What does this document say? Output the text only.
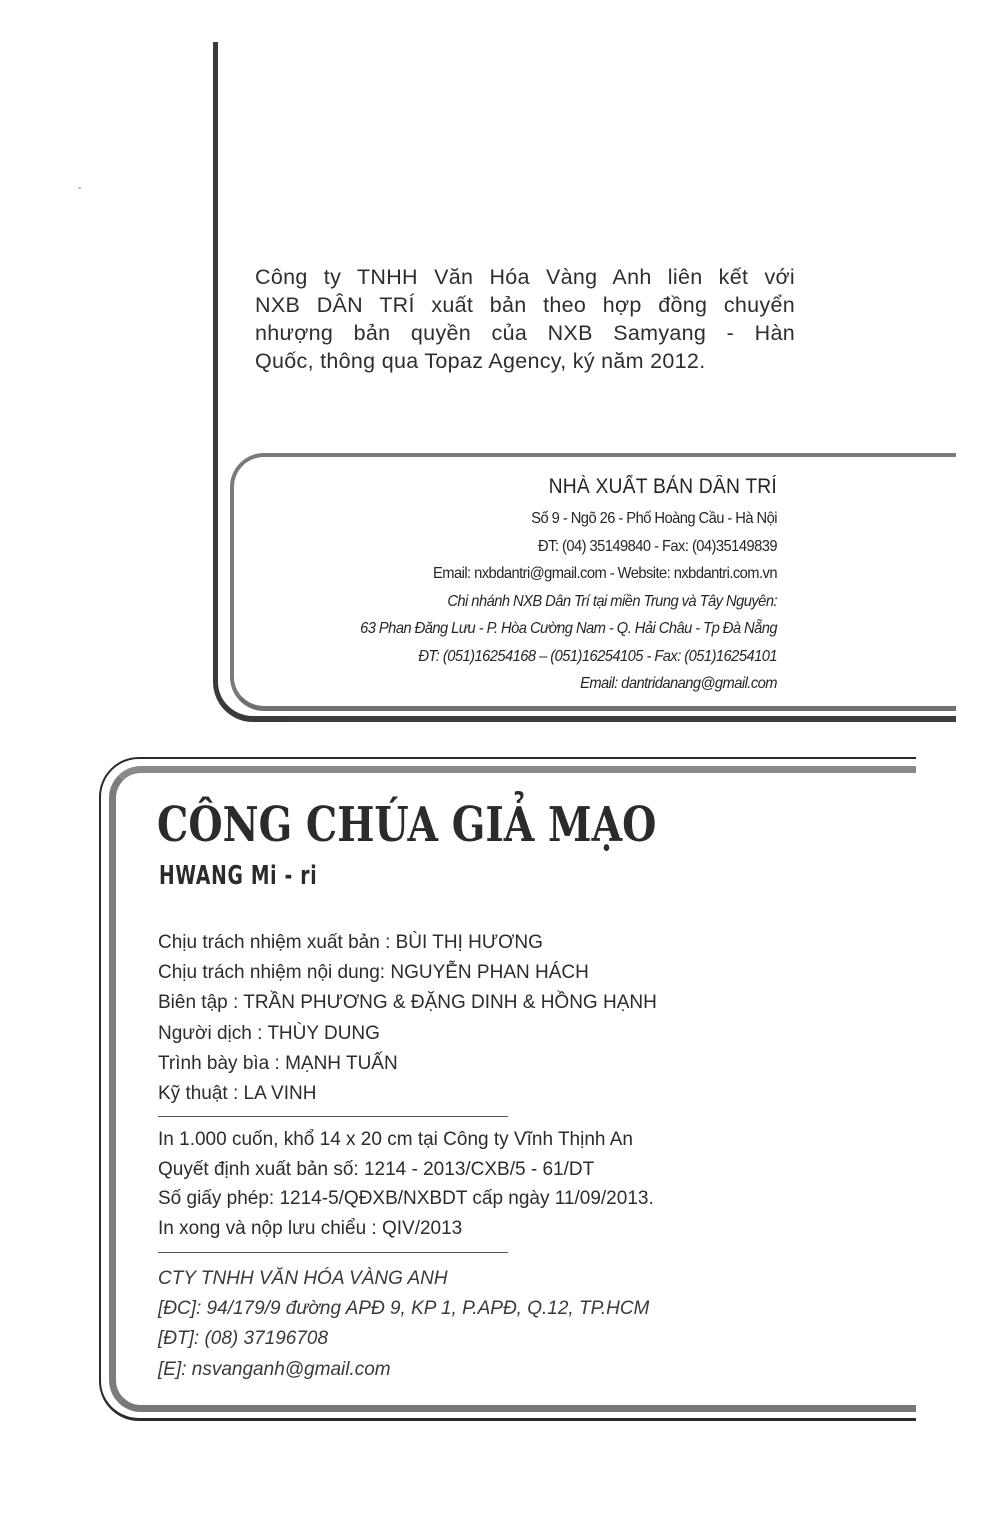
Công ty TNHH Văn Hóa Vàng Anh liên kết với
NXB DÂN TRÍ xuất bản theo hợp đồng chuyển
nhượng bản quyền của NXB Samyang - Hàn
Quốc, thông qua Topaz Agency, ký năm 2012.
NHÀ XUẤT BẢN DÂN TRÍ
Số 9 - Ngõ 26 - Phố Hoàng Cầu - Hà Nội
ĐT: (04) 35149840 - Fax: (04)35149839
Email: nxbdantri@gmail.com - Website: nxbdantri.com.vn
Chi nhánh NXB Dân Trí tại miền Trung và Tây Nguyên:
63 Phan Đăng Lưu - P. Hòa Cường Nam - Q. Hải Châu - Tp Đà Nẵng
ĐT: (051)16254168 – (051)16254105 - Fax: (051)16254101
Email: dantridanang@gmail.com
CÔNG CHÚA GIẢ MẠO
HWANG Mi - ri
Chịu trách nhiệm xuất bản : BÙI THỊ HƯƠNG
Chịu trách nhiệm nội dung: NGUYỄN PHAN HÁCH
Biên tập : TRẦN PHƯƠNG & ĐẶNG DINH & HỒNG HẠNH
Người dịch : THÙY DUNG
Trình bày bìa : MẠNH TUẤN
Kỹ thuật : LA VINH
In 1.000 cuốn, khổ 14 x 20 cm tại Công ty Vĩnh Thịnh An
Quyết định xuất bản số: 1214 - 2013/CXB/5 - 61/DT
Số giấy phép: 1214-5/QĐXB/NXBDT cấp ngày 11/09/2013.
In xong và nộp lưu chiểu : QIV/2013
CTY TNHH VĂN HÓA VÀNG ANH
[ĐC]: 94/179/9 đường APĐ 9, KP 1, P.APĐ, Q.12, TP.HCM
[ĐT]: (08) 37196708
[E]: nsvanganh@gmail.com
